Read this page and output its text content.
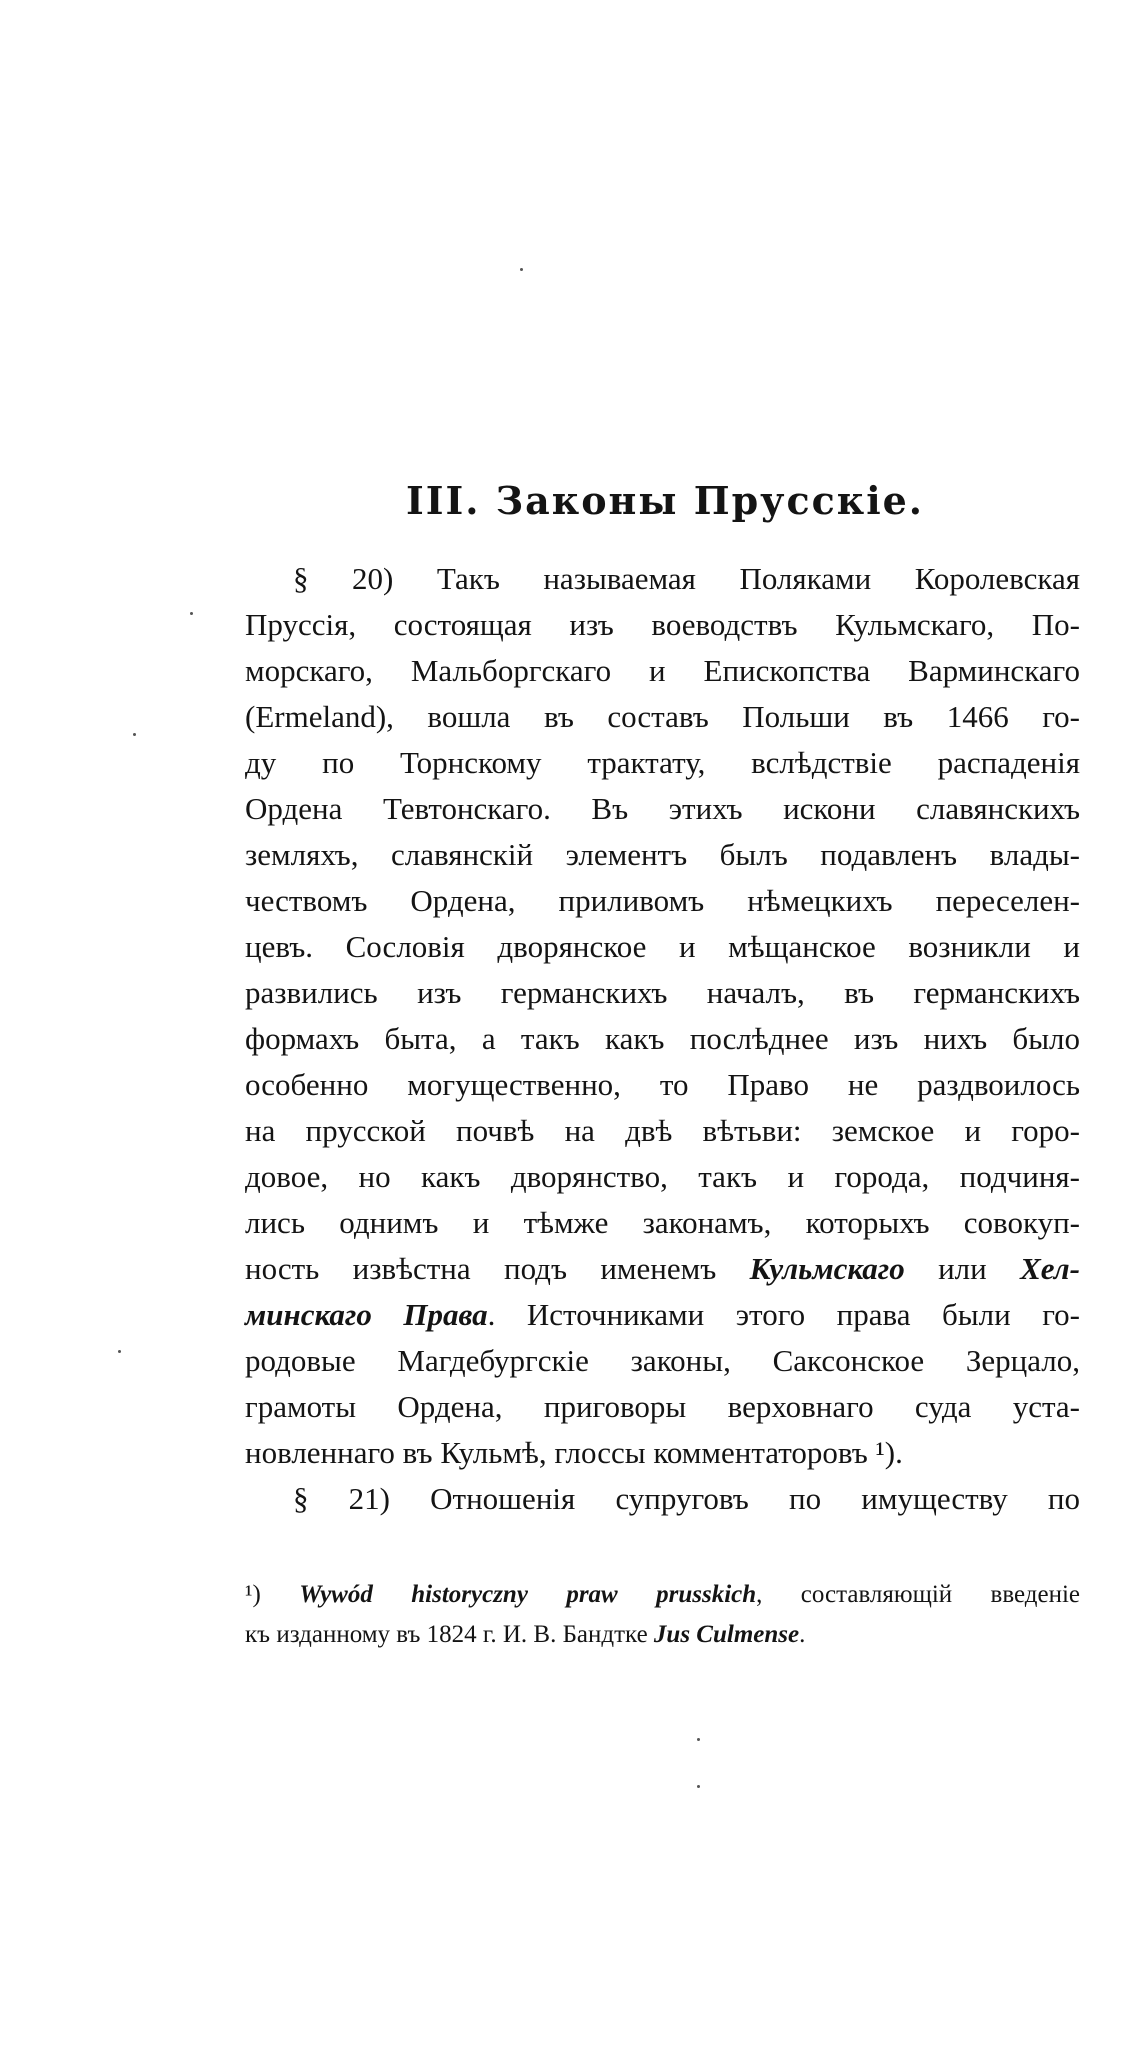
III. Законы Прусскіе.
§ 20) Такъ называемая Поляками Королевская
Пруссія, состоящая изъ воеводствъ Кульмскаго, По-
морскаго, Мальборгскаго и Епископства Варминскаго
(Ermeland), вошла въ составъ Польши въ 1466 го-
ду по Торнскому трактату, вслѣдствіе распаденія
Ордена Тевтонскаго. Въ этихъ искони славянскихъ
земляхъ, славянскій элементъ былъ подавленъ влады-
чествомъ Ордена, приливомъ нѣмецкихъ переселен-
цевъ. Сословія дворянское и мѣщанское возникли и
развились изъ германскихъ началъ, въ германскихъ
формахъ быта, а такъ какъ послѣднее изъ нихъ было
особенно могущественно, то Право не раздвоилось
на прусской почвѣ на двѣ вѣтьви: земское и горо-
довое, но какъ дворянство, такъ и города, подчиня-
лись однимъ и тѣмже законамъ, которыхъ совокуп-
ность извѣстна подъ именемъ Кульмскаго или Хел-
минскаго Права. Источниками этого права были го-
родовые Магдебургскіе законы, Саксонское Зерцало,
грамоты Ордена, приговоры верховнаго суда уста-
новленнаго въ Кульмѣ, глоссы комментаторовъ ¹).
§ 21) Отношенія супруговъ по имуществу по
¹) Wywód historyczny praw prusskich, составляющій введеніе
къ изданному въ 1824 г. И. В. Бандтке Jus Culmense.
